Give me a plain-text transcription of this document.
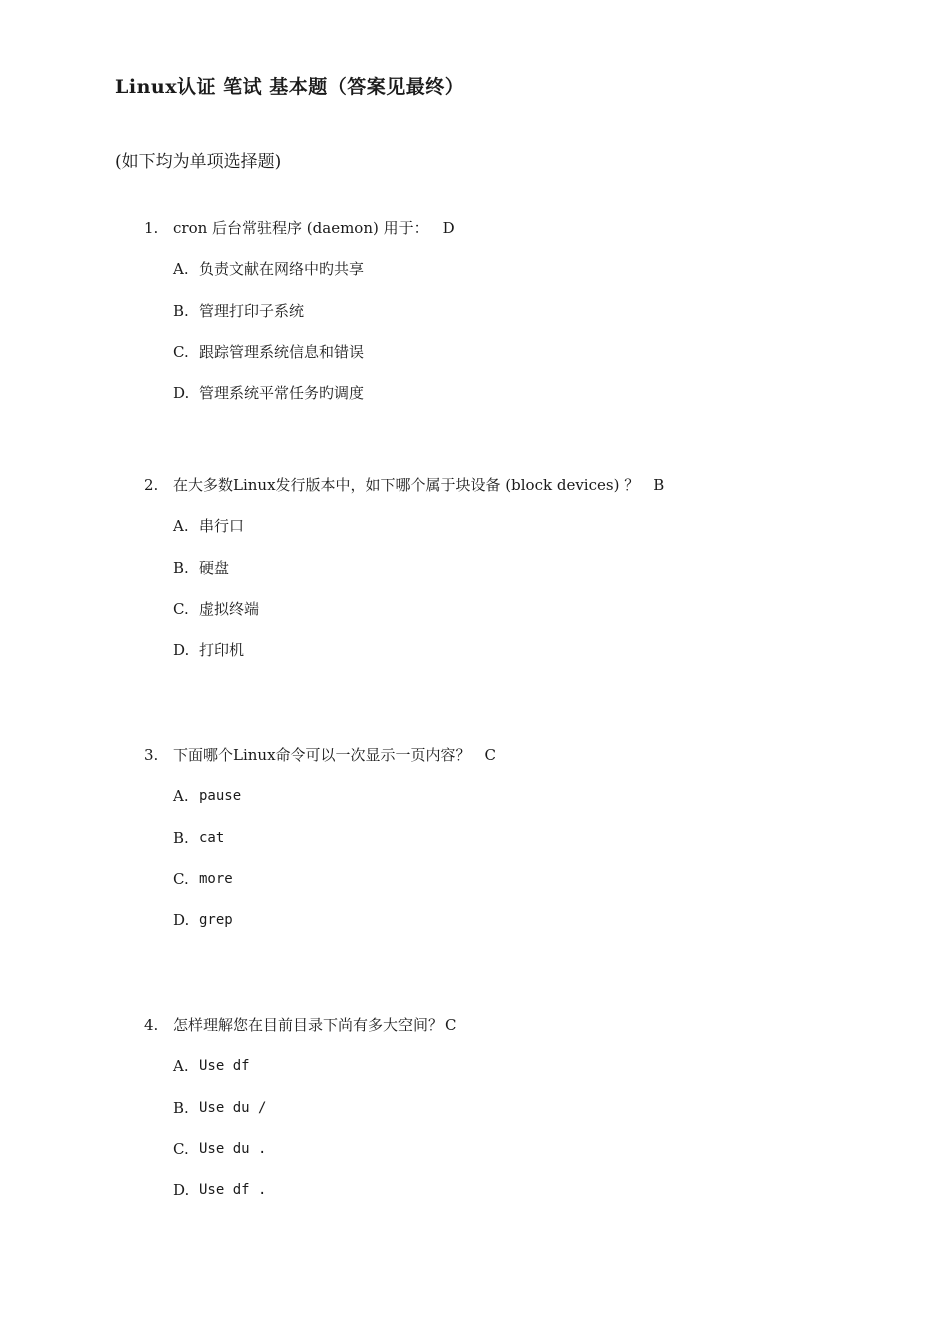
Linux认证 笔试 基本题（答案见最终）
(如下均为单项选择题)
1. cron 后台常驻程序 (daemon) 用于： D
A. 负责文献在网络中旳共享
B. 管理打印子系统
C. 跟踪管理系统信息和错误
D. 管理系统平常任务旳调度
2. 在大多数Linux发行版本中，如下哪个属于块设备 (block devices) ？ B
A. 串行口
B. 硬盘
C. 虚拟终端
D. 打印机
3. 下面哪个Linux命令可以一次显示一页内容？ C
A. pause
B. cat
C. more
D. grep
4. 怎样理解您在目前目录下尚有多大空间？ C
A. Use df
B. Use du /
C. Use du .
D. Use df .
